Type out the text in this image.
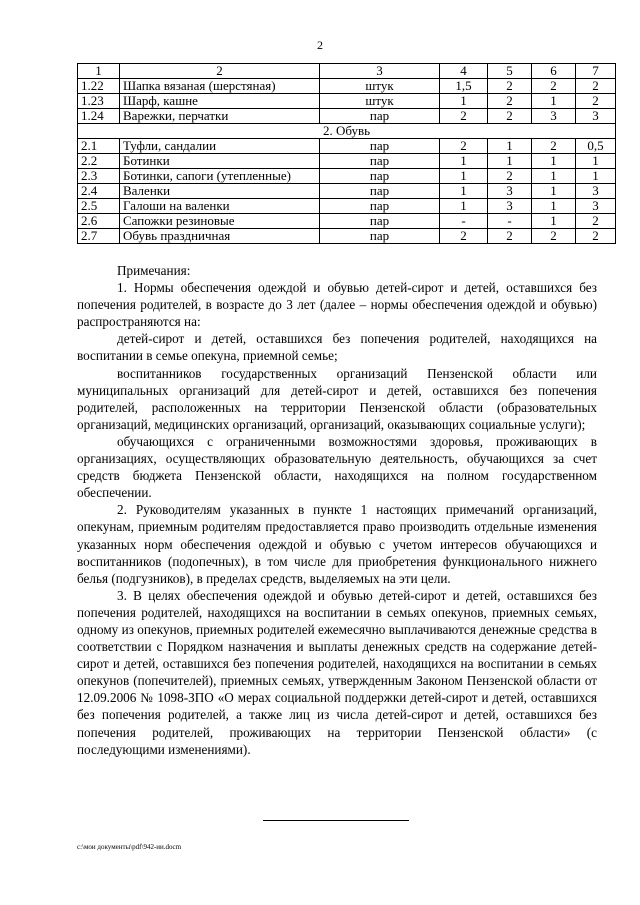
2
1	2	3	4	5	6	7
1.22	Шапка вязаная (шерстяная)	штук	1,5	2	2	2
1.23	Шарф, кашне	штук	1	2	1	2
1.24	Варежки, перчатки	пар	2	2	3	3
2. Обувь						
2.1	Туфли, сандалии	пар	2	1	2	0,5
2.2	Ботинки	пар	1	1	1	1
2.3	Ботинки, сапоги (утепленные)	пар	1	2	1	1
2.4	Валенки	пар	1	3	1	3
2.5	Галоши на валенки	пар	1	3	1	3
2.6	Сапожки резиновые	пар	-	-	1	2
2.7	Обувь праздничная	пар	2	2	2	2

Примечания:

1. Нормы обеспечения одеждой и обувью детей-сирот и детей, оставшихся без попечения родителей, в возрасте до 3 лет (далее – нормы обеспечения одеждой и обувью) распространяются на:

детей-сирот и детей, оставшихся без попечения родителей, находящихся на воспитании в семье опекуна, приемной семье;

воспитанников государственных организаций Пензенской области или муниципальных организаций для детей-сирот и детей, оставшихся без попечения родителей, расположенных на территории Пензенской области (образовательных организаций, медицинских организаций, организаций, оказывающих социальные услуги);

обучающихся с ограниченными возможностями здоровья, проживающих в организациях, осуществляющих образовательную деятельность, обучающихся за счет средств бюджета Пензенской области, находящихся на полном государственном обеспечении.

2. Руководителям указанных в пункте 1 настоящих примечаний организаций, опекунам, приемным родителям предоставляется право производить отдельные изменения указанных норм обеспечения одеждой и обувью с учетом интересов обучающихся и воспитанников (подопечных), в том числе для приобретения функционального нижнего белья (подгузников), в пределах средств, выделяемых на эти цели.

3. В целях обеспечения одеждой и обувью детей-сирот и детей, оставшихся без попечения родителей, находящихся на воспитании в семьях опекунов, приемных семьях, одному из опекунов, приемных родителей ежемесячно выплачиваются денежные средства в соответствии с Порядком назначения и выплаты денежных средств на содержание детей-сирот и детей, оставшихся без попечения родителей, находящихся на воспитании в семьях опекунов (попечителей), приемных семьях, утвержденным Законом Пензенской области от 12.09.2006 № 1098-ЗПО «О мерах социальной поддержки детей-сирот и детей, оставшихся без попечения родителей, а также лиц из числа детей-сирот и детей, оставшихся без попечения родителей, проживающих на территории Пензенской области» (с последующими изменениями).

c:\мои документы\pdf\942-ии.docm
